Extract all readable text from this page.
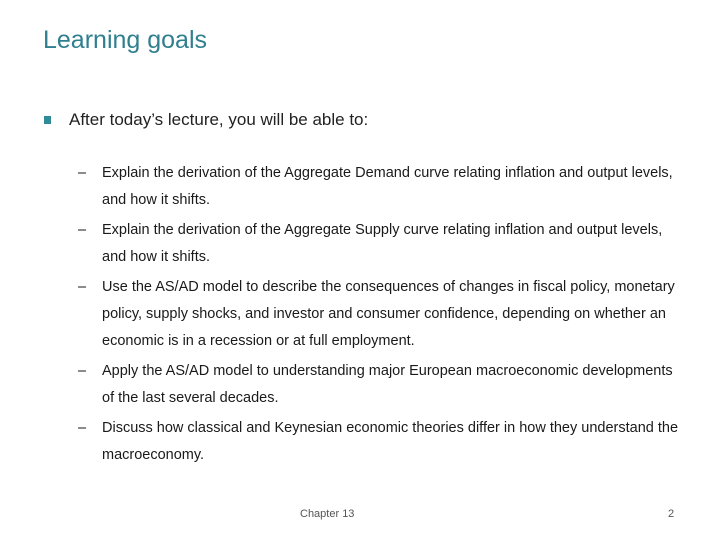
Learning goals
After today’s lecture, you will be able to:
–	Explain the derivation of the Aggregate Demand curve relating inflation and output levels, and how it shifts.
–	Explain the derivation of the Aggregate Supply curve relating inflation and output levels, and how it shifts.
–	Use the AS/AD model to describe the consequences of changes in fiscal policy, monetary policy, supply shocks, and investor and consumer confidence, depending on whether an economic is in a recession or at full employment.
–	Apply the AS/AD model to understanding major European macroeconomic developments of the last several decades.
–	Discuss how classical and Keynesian economic theories differ in how they understand the macroeconomy.
Chapter 13	2
